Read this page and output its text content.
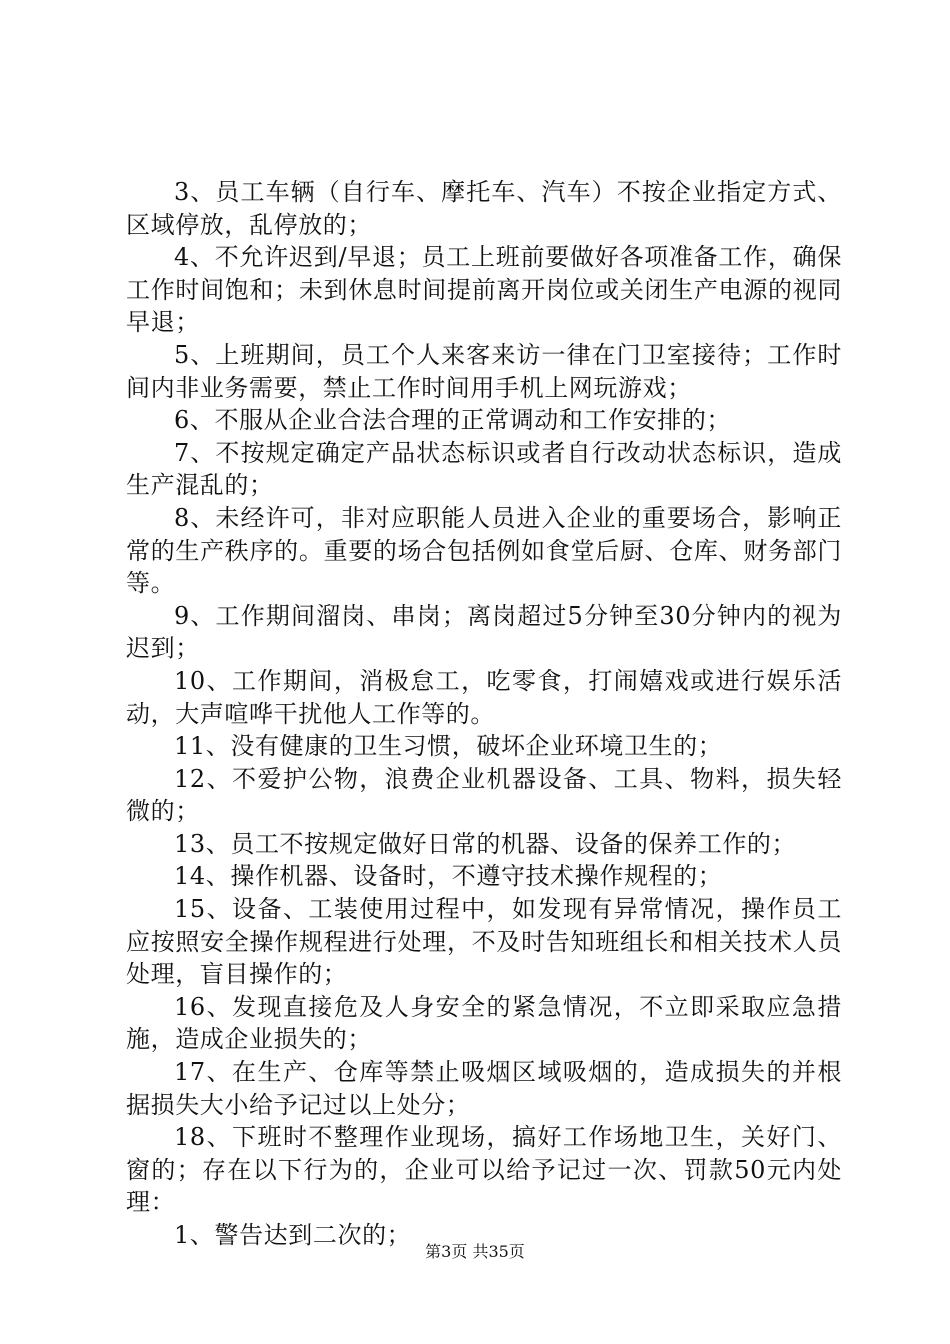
3、员工车辆（自行车、摩托车、汽车）不按企业指定方式、区域停放，乱停放的；

4、不允许迟到/早退；员工上班前要做好各项准备工作，确保工作时间饱和；未到休息时间提前离开岗位或关闭生产电源的视同早退；

5、上班期间，员工个人来客来访一律在门卫室接待；工作时间内非业务需要，禁止工作时间用手机上网玩游戏；

6、不服从企业合法合理的正常调动和工作安排的；

7、不按规定确定产品状态标识或者自行改动状态标识，造成生产混乱的；

8、未经许可，非对应职能人员进入企业的重要场合，影响正常的生产秩序的。重要的场合包括例如食堂后厨、仓库、财务部门等。

9、工作期间溜岗、串岗；离岗超过5分钟至30分钟内的视为迟到；

10、工作期间，消极怠工，吃零食，打闹嬉戏或进行娱乐活动，大声喧哗干扰他人工作等的。

11、没有健康的卫生习惯，破坏企业环境卫生的；

12、不爱护公物，浪费企业机器设备、工具、物料，损失轻微的；

13、员工不按规定做好日常的机器、设备的保养工作的；

14、操作机器、设备时，不遵守技术操作规程的；

15、设备、工装使用过程中，如发现有异常情况，操作员工应按照安全操作规程进行处理，不及时告知班组长和相关技术人员处理，盲目操作的；

16、发现直接危及人身安全的紧急情况，不立即采取应急措施，造成企业损失的；

17、在生产、仓库等禁止吸烟区域吸烟的，造成损失的并根据损失大小给予记过以上处分；

18、下班时不整理作业现场，搞好工作场地卫生，关好门、窗的；存在以下行为的，企业可以给予记过一次、罚款50元内处理：

1、警告达到二次的；

第3页 共35页
